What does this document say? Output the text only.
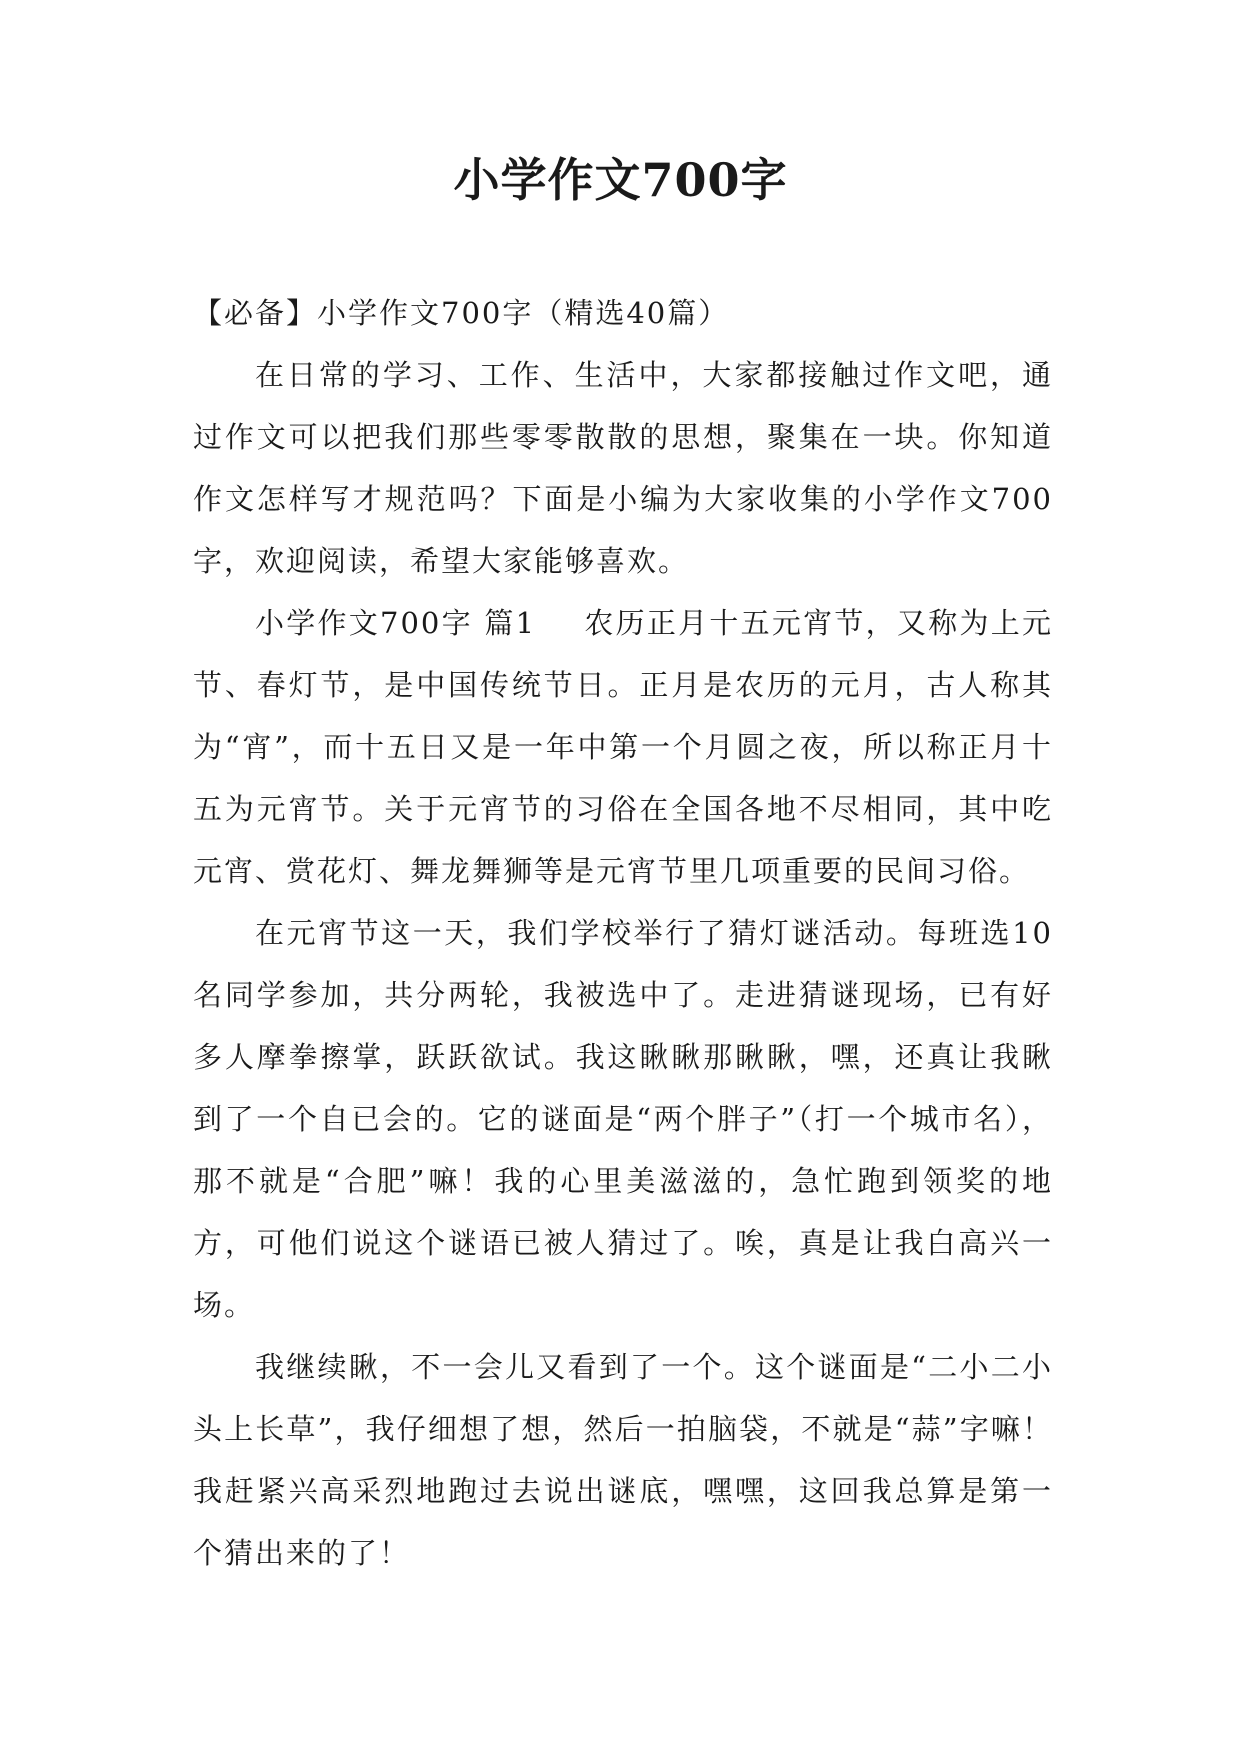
小学作文700字

【必备】小学作文700字（精选40篇）

在日常的学习、工作、生活中，大家都接触过作文吧，通过作文可以把我们那些零零散散的思想，聚集在一块。你知道作文怎样写才规范吗？下面是小编为大家收集的小学作文700字，欢迎阅读，希望大家能够喜欢。

小学作文700字 篇1 农历正月十五元宵节，又称为上元节、春灯节，是中国传统节日。正月是农历的元月，古人称其为“宵”，而十五日又是一年中第一个月圆之夜，所以称正月十五为元宵节。关于元宵节的习俗在全国各地不尽相同，其中吃元宵、赏花灯、舞龙舞狮等是元宵节里几项重要的民间习俗。

在元宵节这一天，我们学校举行了猜灯谜活动。每班选10名同学参加，共分两轮，我被选中了。走进猜谜现场，已有好多人摩拳擦掌，跃跃欲试。我这瞅瞅那瞅瞅，嘿，还真让我瞅到了一个自已会的。它的谜面是“两个胖子”（打一个城市名），那不就是“合肥”嘛！我的心里美滋滋的，急忙跑到领奖的地方，可他们说这个谜语已被人猜过了。唉，真是让我白高兴一场。

我继续瞅，不一会儿又看到了一个。这个谜面是“二小二小头上长草”，我仔细想了想，然后一拍脑袋，不就是“蒜”字嘛！我赶紧兴高采烈地跑过去说出谜底，嘿嘿，这回我总算是第一个猜出来的了！
